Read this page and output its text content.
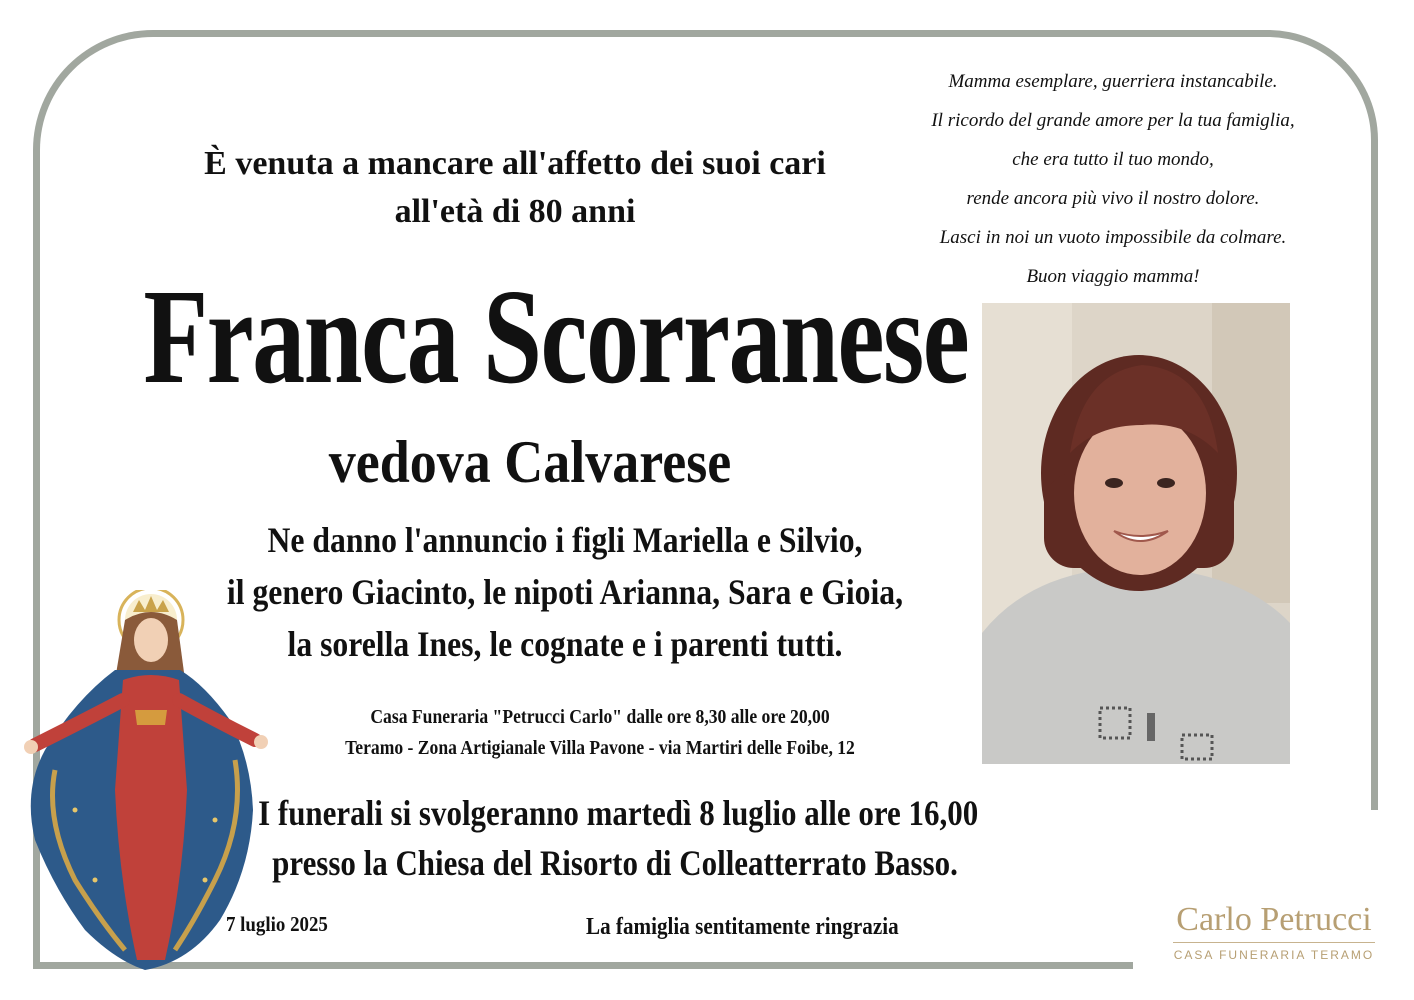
Mamma esemplare, guerriera instancabile.
Il ricordo del grande amore per la tua famiglia,
che era tutto il tuo mondo,
rende ancora più vivo il nostro dolore.
Lasci in noi un vuoto impossibile da colmare.
Buon viaggio mamma!
È venuta a mancare all'affetto dei suoi cari
all'età di 80 anni
Franca Scorranese
vedova Calvarese
Ne danno l'annuncio i figli Mariella e Silvio,
il genero Giacinto, le nipoti Arianna, Sara e Gioia,
la sorella Ines, le cognate e i parenti tutti.
Casa Funeraria "Petrucci Carlo" dalle ore 8,30 alle ore 20,00
Teramo - Zona Artigianale Villa Pavone - via Martiri delle Foibe, 12
I funerali si svolgeranno martedì 8 luglio alle ore 16,00
presso la Chiesa del Risorto di Colleatterrato Basso.
7 luglio 2025	La famiglia sentitamente ringrazia	Carlo Petrucci
CASA FUNERARIA TERAMO
